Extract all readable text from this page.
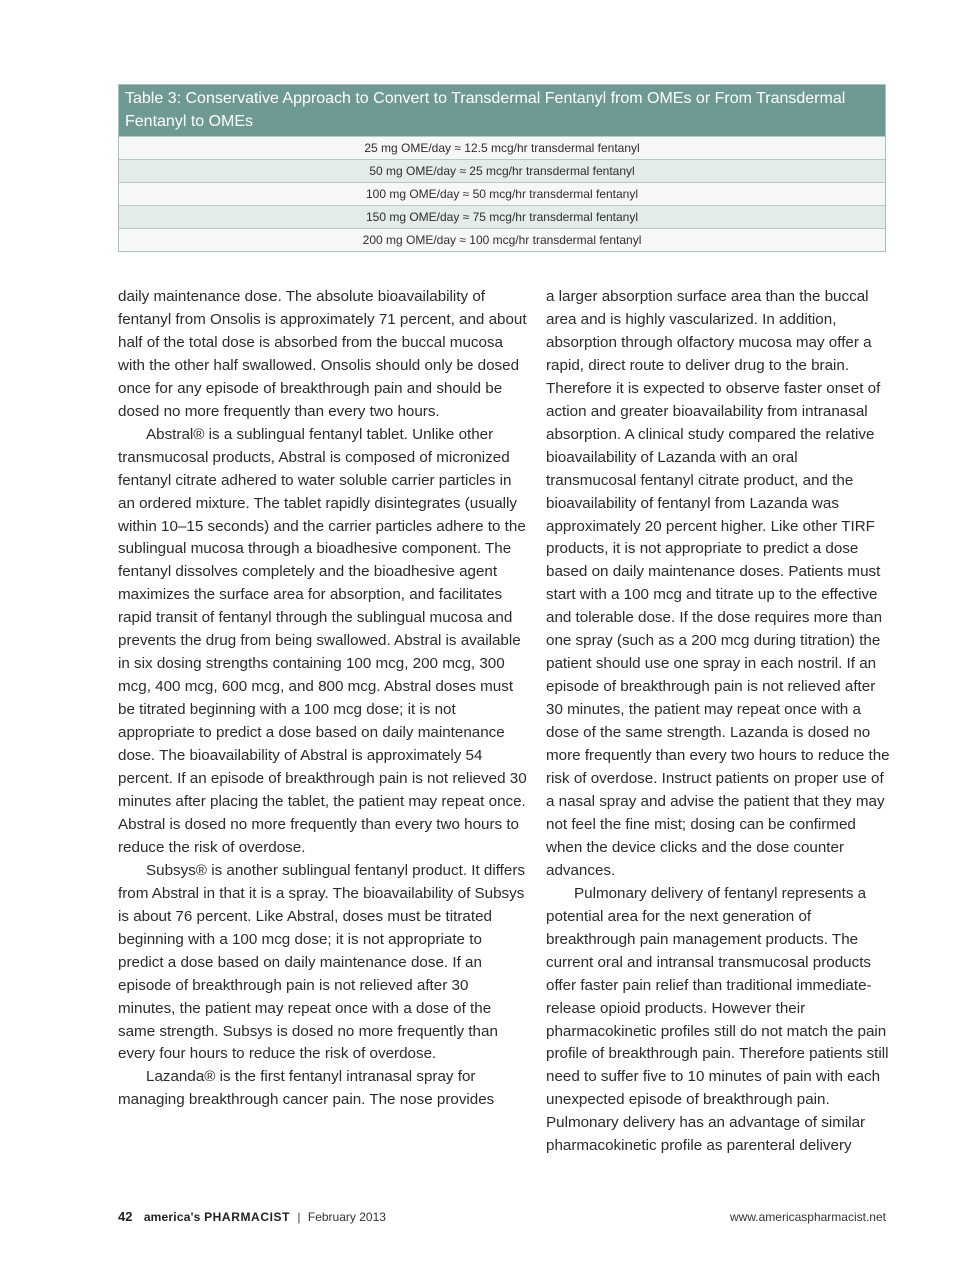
Table 3: Conservative Approach to Convert to Transdermal Fentanyl from OMEs or From Transdermal Fentanyl to OMEs

25 mg OME/day ≈ 12.5 mcg/hr transdermal fentanyl
50 mg OME/day ≈ 25 mcg/hr transdermal fentanyl
100 mg OME/day ≈ 50 mcg/hr transdermal fentanyl
150 mg OME/day ≈ 75 mcg/hr transdermal fentanyl
200 mg OME/day ≈ 100 mcg/hr transdermal fentanyl

daily maintenance dose. The absolute bioavailability of fentanyl from Onsolis is approximately 71 percent, and about half of the total dose is absorbed from the buccal mucosa with the other half swallowed. Onsolis should only be dosed once for any episode of breakthrough pain and should be dosed no more frequently than every two hours.

Abstral® is a sublingual fentanyl tablet. Unlike other transmucosal products, Abstral is composed of micronized fentanyl citrate adhered to water soluble carrier particles in an ordered mixture. The tablet rapidly disintegrates (usually within 10–15 seconds) and the carrier particles adhere to the sublingual mucosa through a bioadhesive component. The fentanyl dissolves completely and the bioadhesive agent maximizes the surface area for absorption, and facilitates rapid transit of fentanyl through the sublingual mucosa and prevents the drug from being swallowed. Abstral is available in six dosing strengths containing 100 mcg, 200 mcg, 300 mcg, 400 mcg, 600 mcg, and 800 mcg. Abstral doses must be titrated beginning with a 100 mcg dose; it is not appropriate to predict a dose based on daily maintenance dose. The bioavailability of Abstral is approximately 54 percent. If an episode of breakthrough pain is not relieved 30 minutes after placing the tablet, the patient may repeat once. Abstral is dosed no more frequently than every two hours to reduce the risk of overdose.

Subsys® is another sublingual fentanyl product. It differs from Abstral in that it is a spray. The bioavailability of Subsys is about 76 percent. Like Abstral, doses must be titrated beginning with a 100 mcg dose; it is not appropriate to predict a dose based on daily maintenance dose. If an episode of breakthrough pain is not relieved after 30 minutes, the patient may repeat once with a dose of the same strength. Subsys is dosed no more frequently than every four hours to reduce the risk of overdose.

Lazanda® is the first fentanyl intranasal spray for managing breakthrough cancer pain. The nose provides

a larger absorption surface area than the buccal area and is highly vascularized. In addition, absorption through olfactory mucosa may offer a rapid, direct route to deliver drug to the brain. Therefore it is expected to observe faster onset of action and greater bioavailability from intranasal absorption. A clinical study compared the relative bioavailability of Lazanda with an oral transmucosal fentanyl citrate product, and the bioavailability of fentanyl from Lazanda was approximately 20 percent higher. Like other TIRF products, it is not appropriate to predict a dose based on daily maintenance doses. Patients must start with a 100 mcg and titrate up to the effective and tolerable dose. If the dose requires more than one spray (such as a 200 mcg during titration) the patient should use one spray in each nostril. If an episode of breakthrough pain is not relieved after 30 minutes, the patient may repeat once with a dose of the same strength. Lazanda is dosed no more frequently than every two hours to reduce the risk of overdose. Instruct patients on proper use of a nasal spray and advise the patient that they may not feel the fine mist; dosing can be confirmed when the device clicks and the dose counter advances.

Pulmonary delivery of fentanyl represents a potential area for the next generation of breakthrough pain management products. The current oral and intransal transmucosal products offer faster pain relief than traditional immediate-release opioid products. However their pharmacokinetic profiles still do not match the pain profile of breakthrough pain. Therefore patients still need to suffer five to 10 minutes of pain with each unexpected episode of breakthrough pain. Pulmonary delivery has an advantage of similar pharmacokinetic profile as parenteral delivery

42 america's PHARMACIST | February 2013	www.americaspharmacist.net
